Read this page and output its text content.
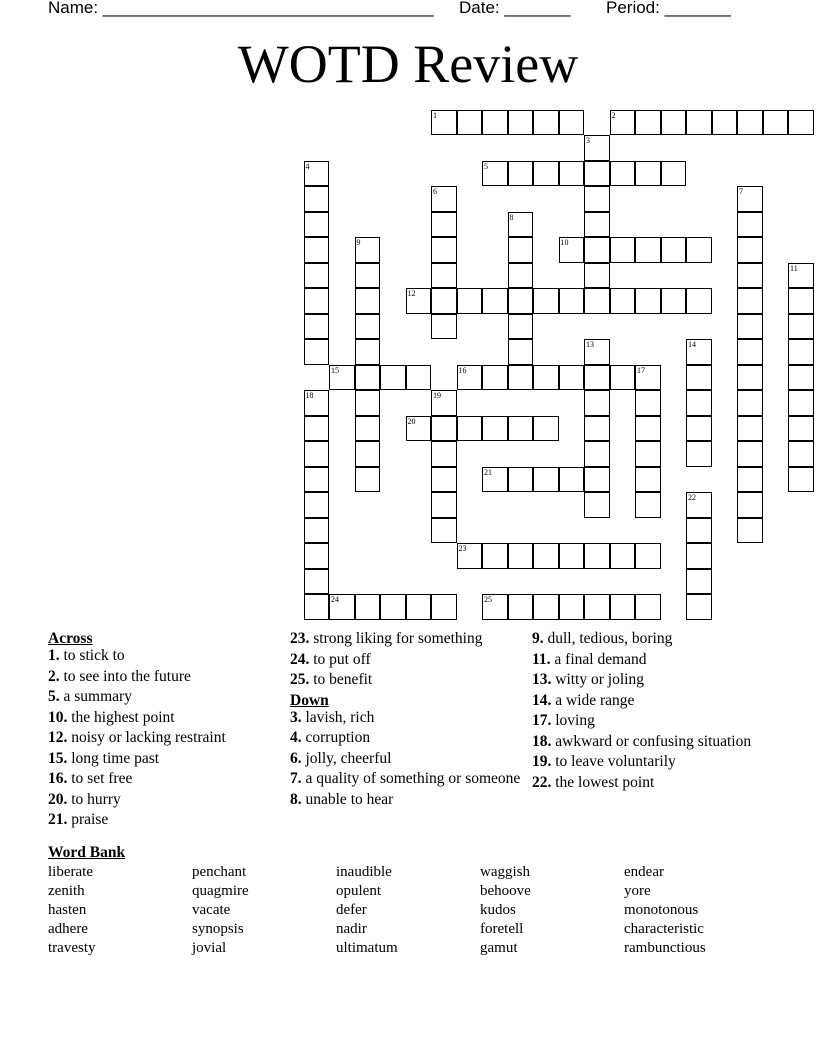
Name: ___________________________________ Date: _______ Period: _______
WOTD Review
1	2
3
4	5
6	7
8
9	10
11
12
13	14
15	16	17
18	19
20
21
22
23
24	25
Across
1. to stick to
2. to see into the future
5. a summary
10. the highest point
12. noisy or lacking restraint
15. long time past
16. to set free
20. to hurry
21. praise
23. strong liking for something
24. to put off
25. to benefit
Down
3. lavish, rich
4. corruption
6. jolly, cheerful
7. a quality of something or someone
8. unable to hear
9. dull, tedious, boring
11. a final demand
13. witty or joling
14. a wide range
17. loving
18. awkward or confusing situation
19. to leave voluntarily
22. the lowest point
Word Bank
liberate
zenith
hasten
adhere
travesty
penchant
quagmire
vacate
synopsis
jovial
inaudible
opulent
defer
nadir
ultimatum
waggish
behoove
kudos
foretell
gamut
endear
yore
monotonous
characteristic
rambunctious
